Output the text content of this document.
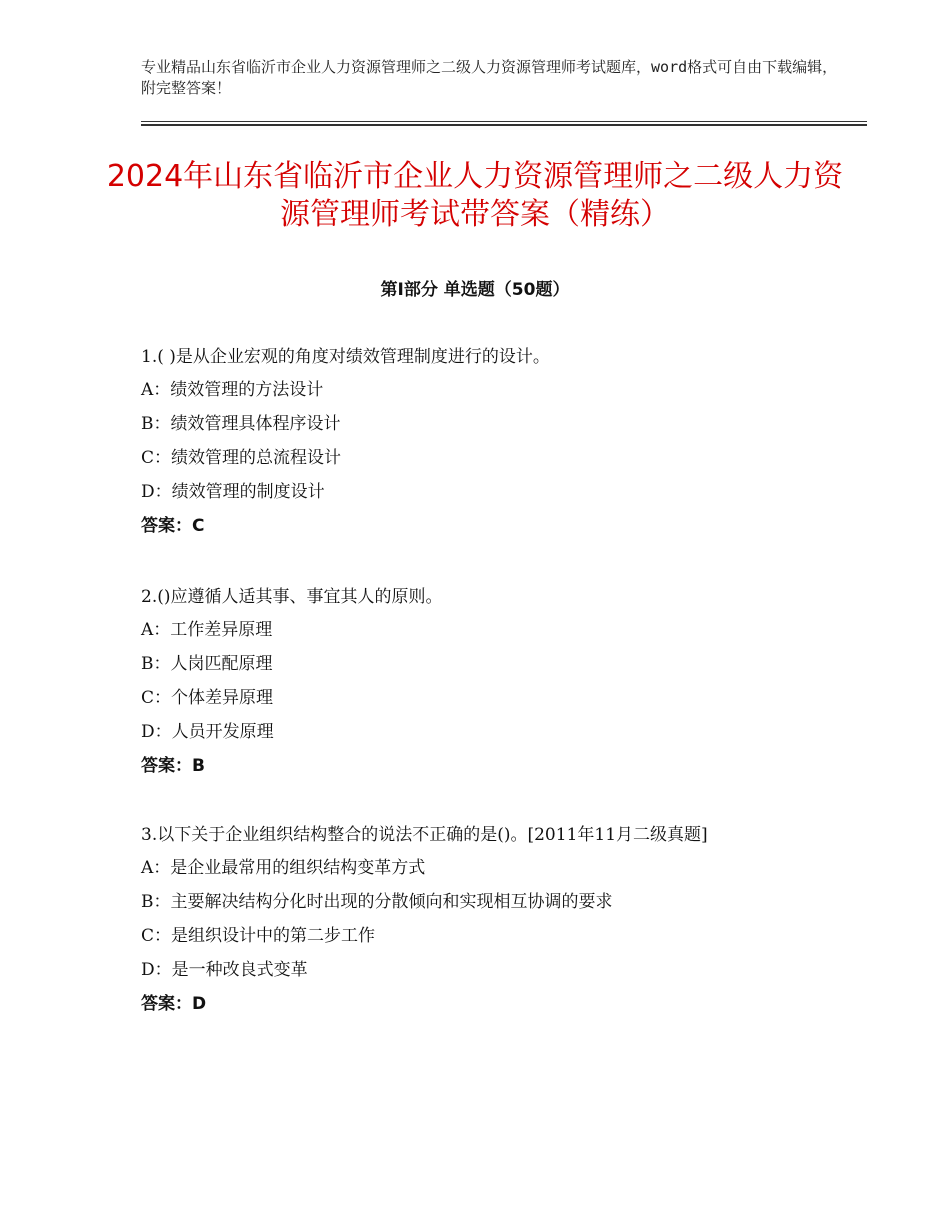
专业精品山东省临沂市企业人力资源管理师之二级人力资源管理师考试题库，word格式可自由下载编辑，附完整答案！
2024年山东省临沂市企业人力资源管理师之二级人力资源管理师考试带答案（精练）
第Ⅰ部分 单选题（50题）

1.( )是从企业宏观的角度对绩效管理制度进行的设计。

A：绩效管理的方法设计

B：绩效管理具体程序设计

C：绩效管理的总流程设计

D：绩效管理的制度设计

答案：C

2.()应遵循人适其事、事宜其人的原则。

A：工作差异原理

B：人岗匹配原理

C：个体差异原理

D：人员开发原理

答案：B

3.以下关于企业组织结构整合的说法不正确的是()。[2011年11月二级真题]

A：是企业最常用的组织结构变革方式

B：主要解决结构分化时出现的分散倾向和实现相互协调的要求

C：是组织设计中的第二步工作

D：是一种改良式变革

答案：D
